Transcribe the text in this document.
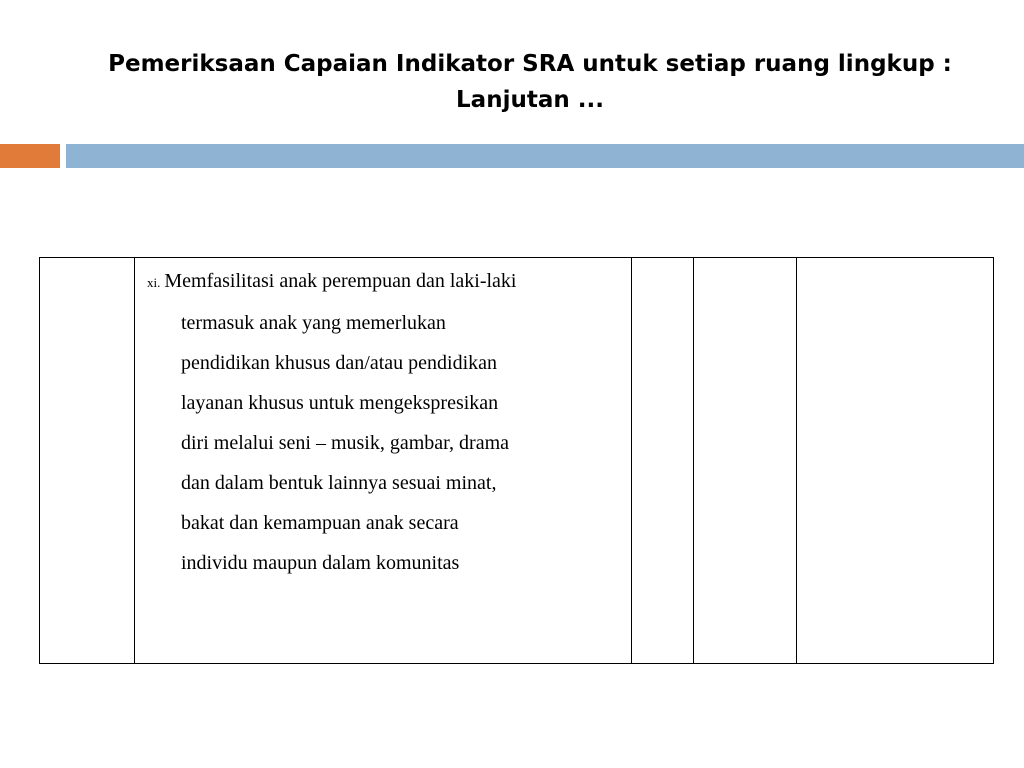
Pemeriksaan Capaian Indikator SRA untuk setiap ruang lingkup : Lanjutan ...

xi. Memfasilitasi anak perempuan dan laki-laki
termasuk anak yang memerlukan
pendidikan khusus dan/atau pendidikan
layanan khusus untuk mengekspresikan
diri melalui seni – musik, gambar, drama
dan dalam bentuk lainnya sesuai minat,
bakat dan kemampuan anak secara
individu maupun dalam komunitas
